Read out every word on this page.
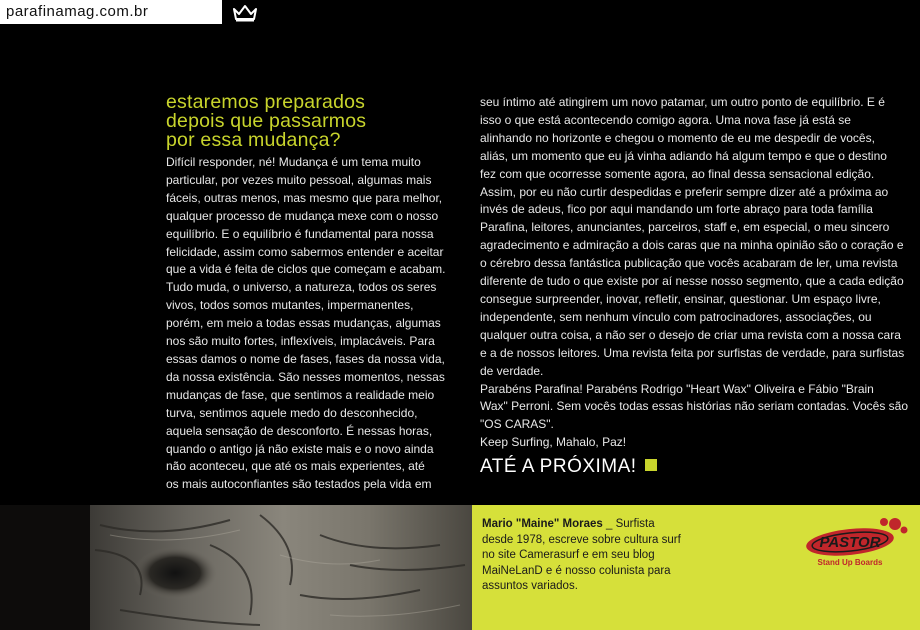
parafinamag.com.br
estaremos preparados
depois que passarmos
por essa mudança?

Difícil responder, né! Mudança é um tema muito

particular, por vezes muito pessoal, algumas mais

fáceis, outras menos, mas mesmo que para melhor,

qualquer processo de mudança mexe com o nosso

equilíbrio. E o equilíbrio é fundamental para nossa

felicidade, assim como sabermos entender e aceitar

que a vida é feita de ciclos que começam e acabam.

Tudo muda, o universo, a natureza, todos os seres

vivos, todos somos mutantes, impermanentes,

porém, em meio a todas essas mudanças, algumas

nos são muito fortes, inflexíveis, implacáveis. Para

essas damos o nome de fases, fases da nossa vida,

da nossa existência. São nesses momentos, nessas

mudanças de fase, que sentimos a realidade meio

turva, sentimos aquele medo do desconhecido,

aquela sensação de desconforto. É nessas horas,

quando o antigo já não existe mais e o novo ainda

não aconteceu, que até os mais experientes, até

os mais autoconfiantes são testados pela vida em

seu íntimo até atingirem um novo patamar, um outro ponto de equilíbrio. E é

isso o que está acontecendo comigo agora. Uma nova fase já está se

alinhando no horizonte e chegou o momento de eu me despedir de vocês,

aliás, um momento que eu já vinha adiando há algum tempo e que o destino

fez com que ocorresse somente agora, ao final dessa sensacional edição.

Assim, por eu não curtir despedidas e preferir sempre dizer até a próxima ao

invés de adeus, fico por aqui mandando um forte abraço para toda família

Parafina, leitores, anunciantes, parceiros, staff e, em especial, o meu sincero

agradecimento e admiração a dois caras que na minha opinião são o coração e

o cérebro dessa fantástica publicação que vocês acabaram de ler, uma revista

diferente de tudo o que existe por aí nesse nosso segmento, que a cada edição

consegue surpreender, inovar, refletir, ensinar, questionar. Um espaço livre,

independente, sem nenhum vínculo com patrocinadores, associações, ou

qualquer outra coisa, a não ser o desejo de criar uma revista com a nossa cara

e a de nossos leitores. Uma revista feita por surfistas de verdade, para surfistas

de verdade.

Parabéns Parafina! Parabéns Rodrigo "Heart Wax" Oliveira e Fábio "Brain

Wax" Perroni. Sem vocês todas essas histórias não seriam contadas. Vocês são

"OS CARAS".

Keep Surfing, Mahalo, Paz!

ATÉ A PRÓXIMA!

Mario "Maine" Moraes _ Surfista

desde 1978, escreve sobre cultura surf

no site Camerasurf e em seu blog

MaiNeLanD e é nosso colunista para

assuntos variados.

PASTOR
Stand Up Boards
